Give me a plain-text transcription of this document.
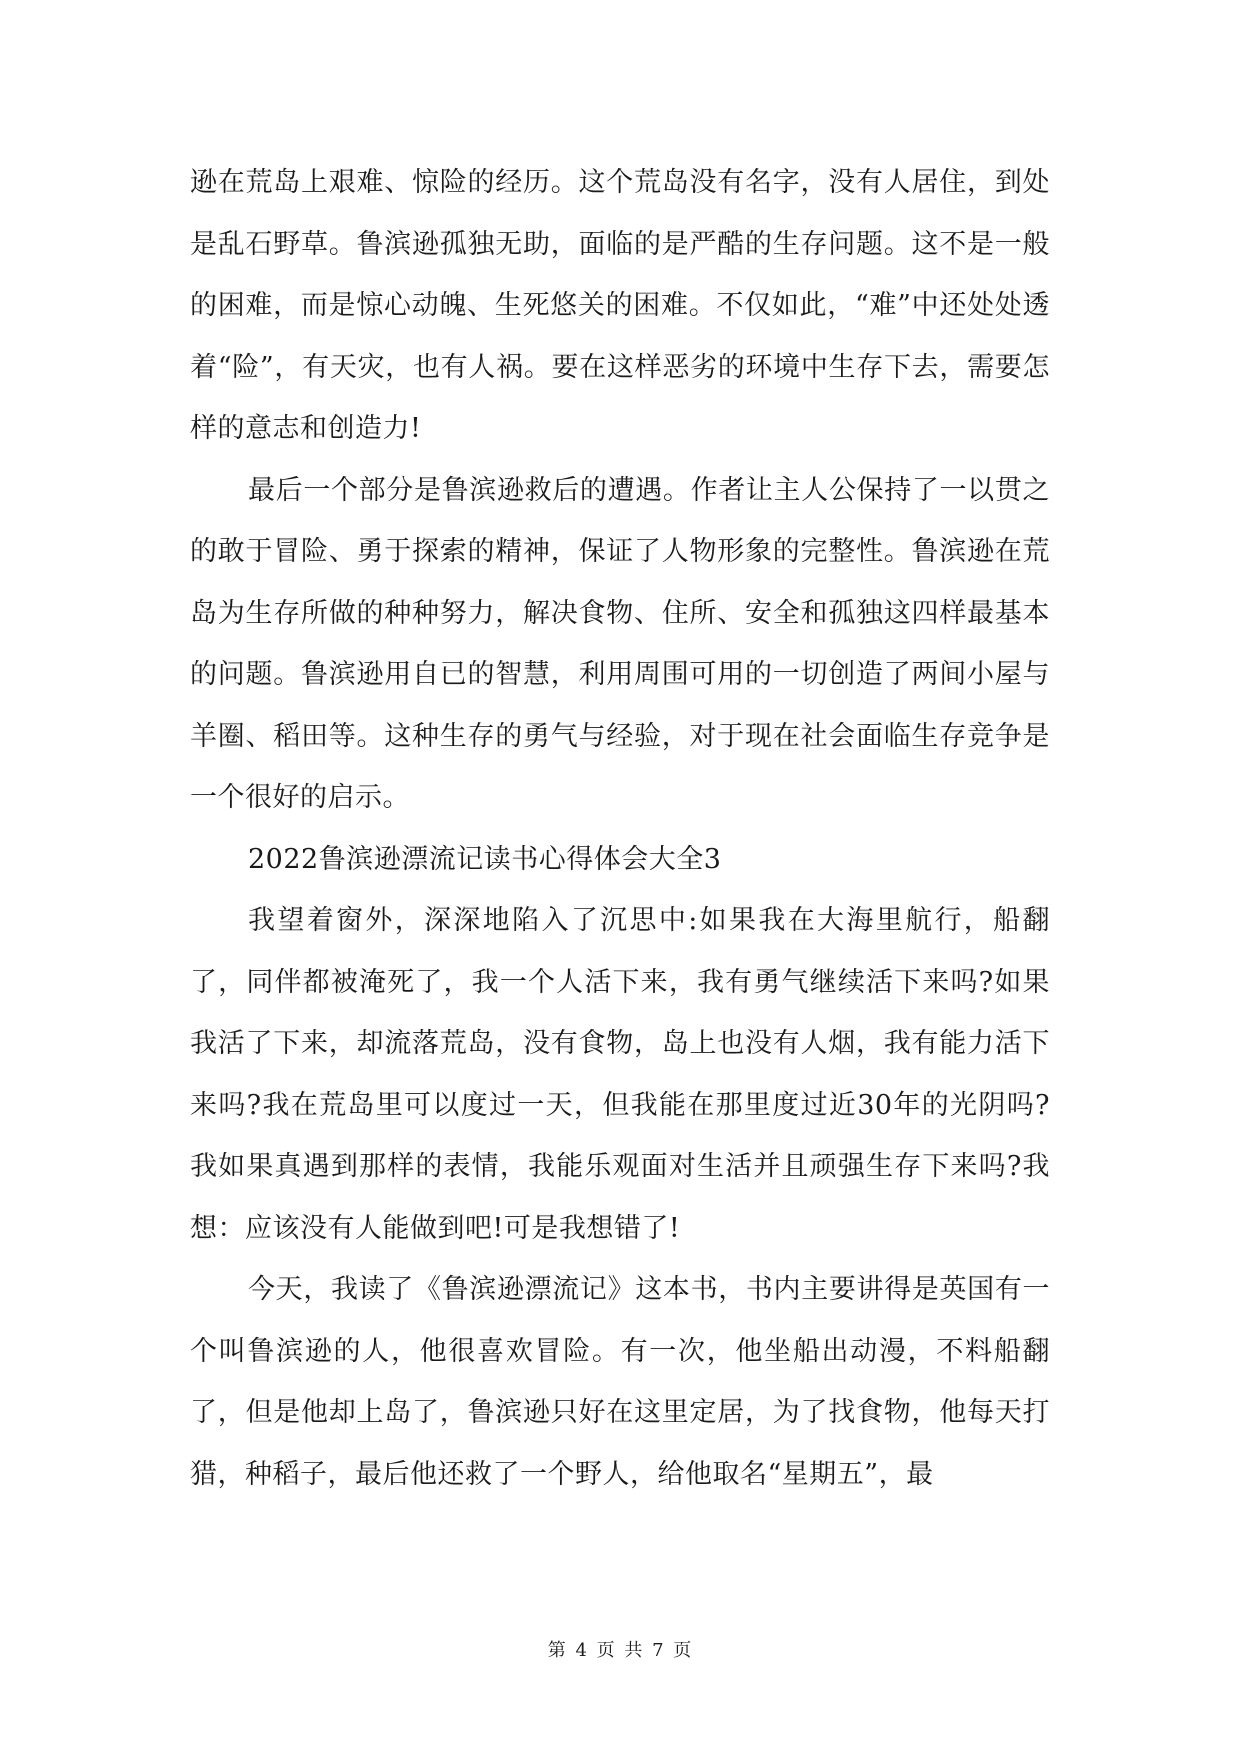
逊在荒岛上艰难、惊险的经历。这个荒岛没有名字，没有人居住，到处是乱石野草。鲁滨逊孤独无助，面临的是严酷的生存问题。这不是一般的困难，而是惊心动魄、生死悠关的困难。不仅如此，“难”中还处处透着“险”，有天灾，也有人祸。要在这样恶劣的环境中生存下去，需要怎样的意志和创造力!

最后一个部分是鲁滨逊救后的遭遇。作者让主人公保持了一以贯之的敢于冒险、勇于探索的精神，保证了人物形象的完整性。鲁滨逊在荒岛为生存所做的种种努力，解决食物、住所、安全和孤独这四样最基本的问题。鲁滨逊用自已的智慧，利用周围可用的一切创造了两间小屋与羊圈、稻田等。这种生存的勇气与经验，对于现在社会面临生存竞争是一个很好的启示。

2022鲁滨逊漂流记读书心得体会大全3

我望着窗外，深深地陷入了沉思中:如果我在大海里航行，船翻了，同伴都被淹死了，我一个人活下来，我有勇气继续活下来吗?如果我活了下来，却流落荒岛，没有食物，岛上也没有人烟，我有能力活下来吗?我在荒岛里可以度过一天，但我能在那里度过近30年的光阴吗?我如果真遇到那样的表情，我能乐观面对生活并且顽强生存下来吗?我想：应该没有人能做到吧!可是我想错了!

今天，我读了《鲁滨逊漂流记》这本书，书内主要讲得是英国有一个叫鲁滨逊的人，他很喜欢冒险。有一次，他坐船出动漫，不料船翻了，但是他却上岛了，鲁滨逊只好在这里定居，为了找食物，他每天打猎，种稻子，最后他还救了一个野人，给他取名“星期五”，最

第 4 页 共 7 页
